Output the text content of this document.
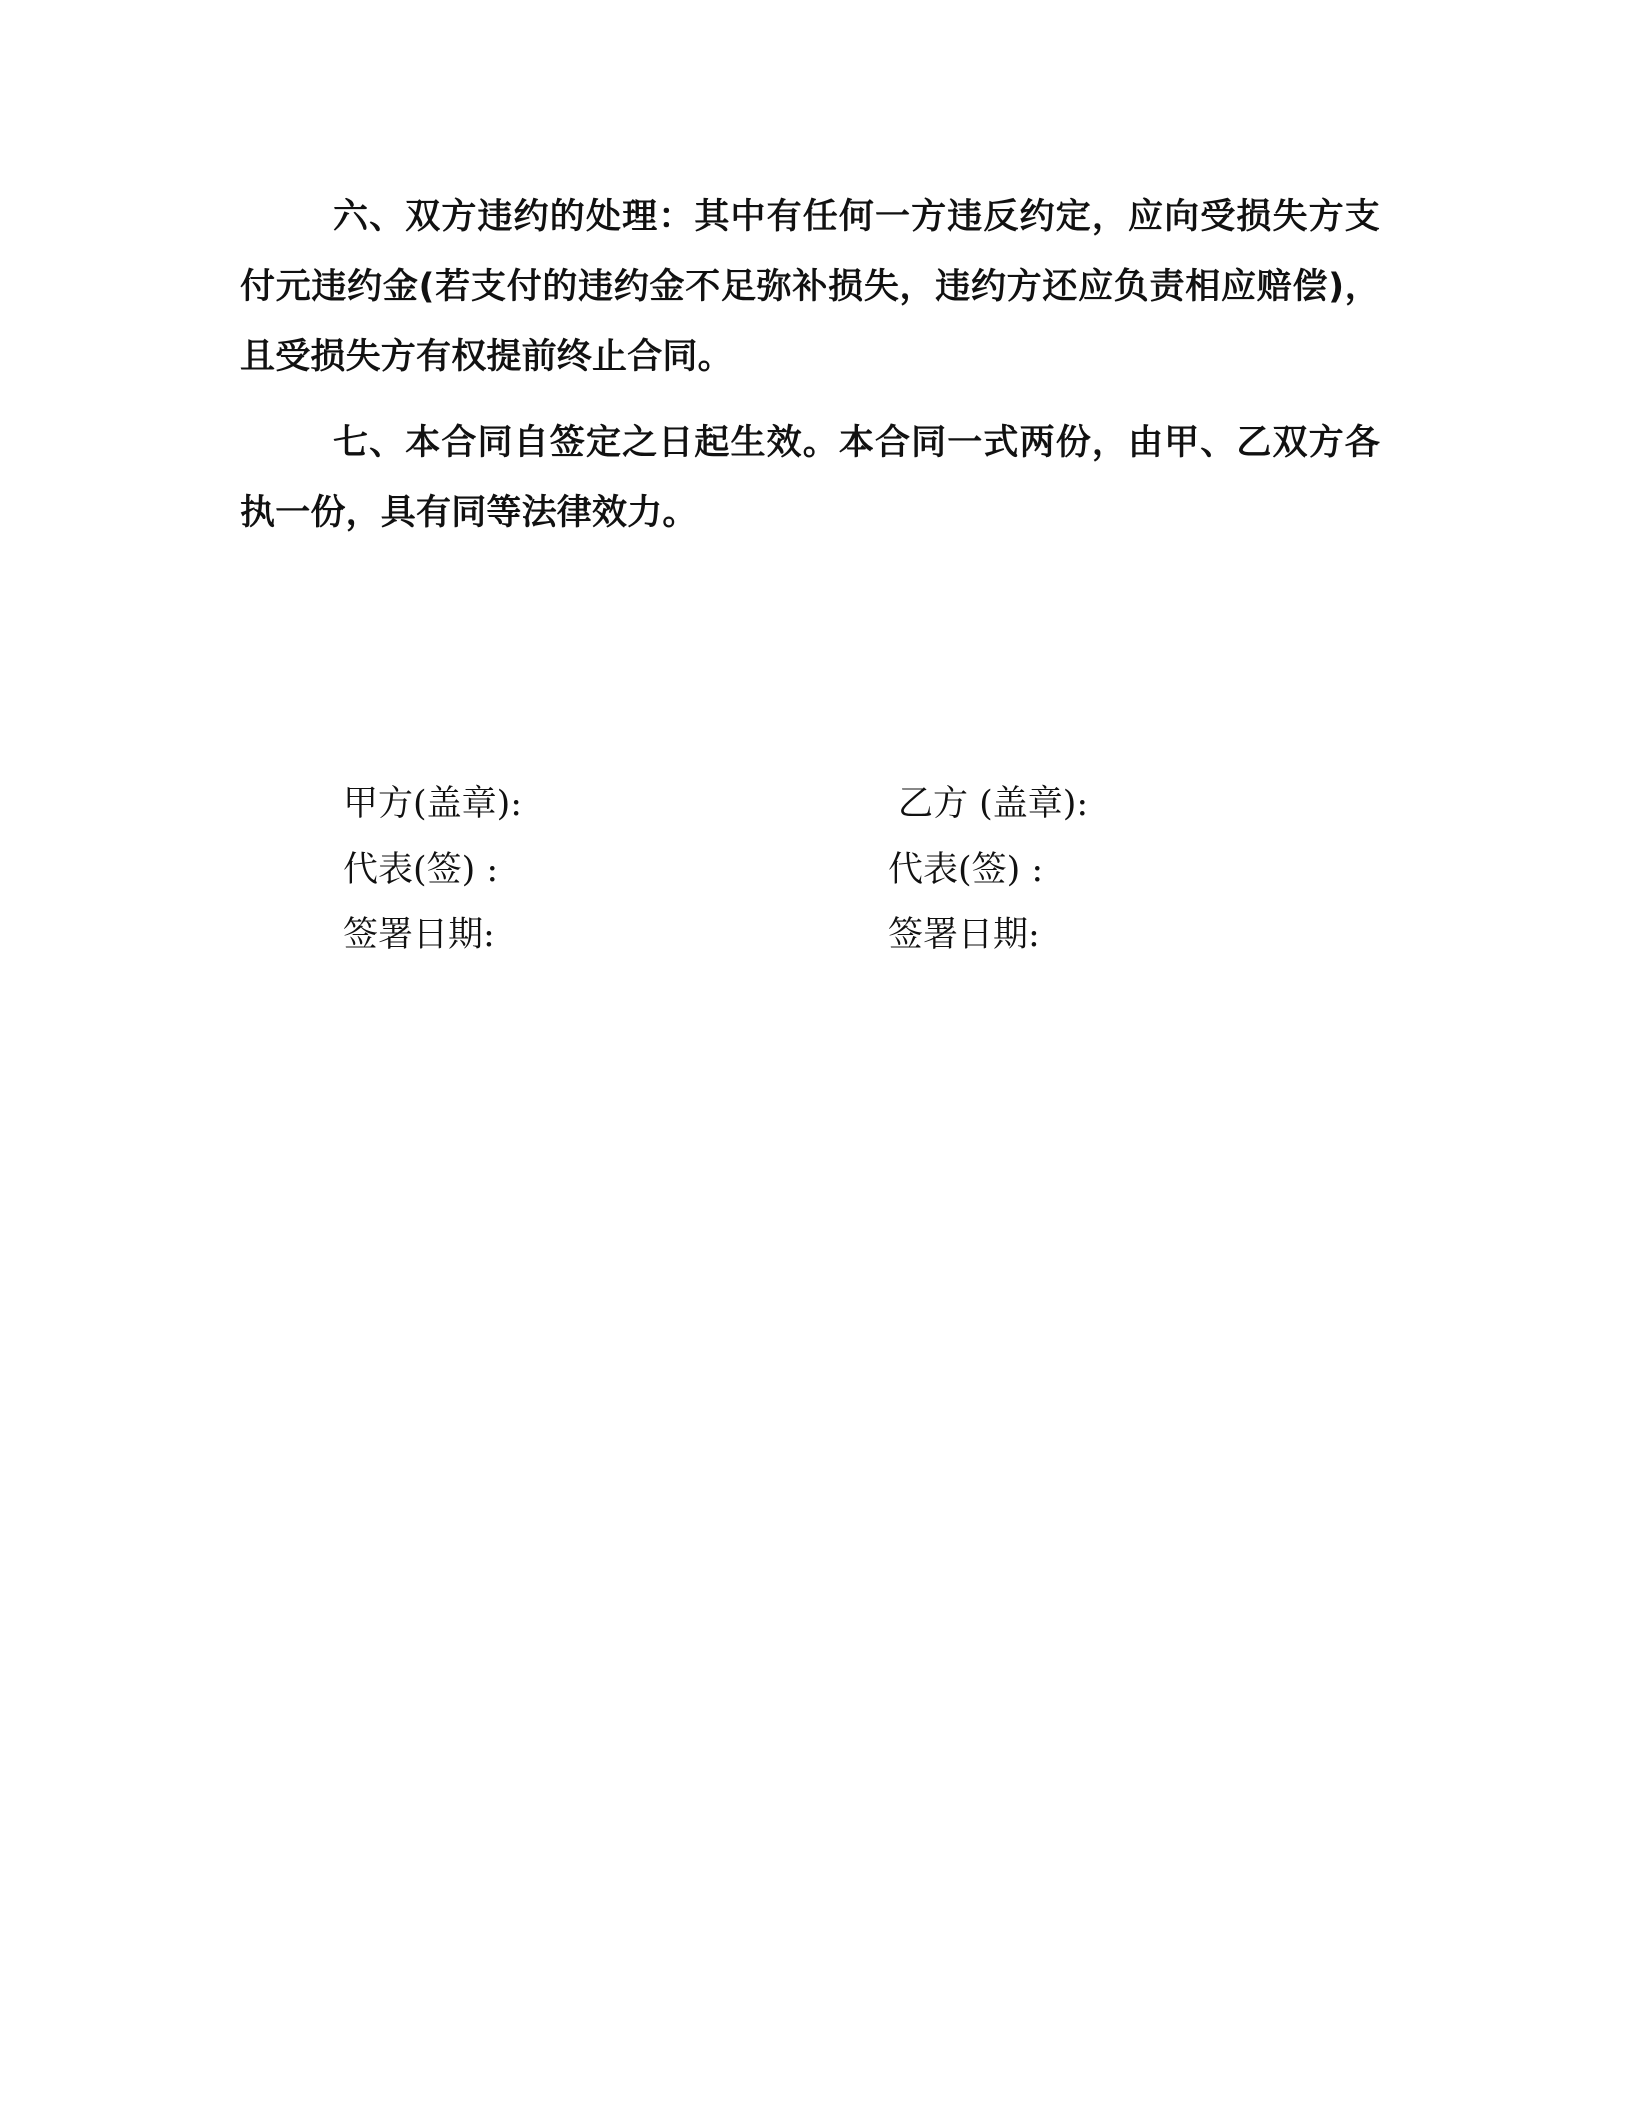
六、双方违约的处理：其中有任何一方违反约定，应向受损失方支付元违约金(若支付的违约金不足弥补损失，违约方还应负责相应赔偿)，且受损失方有权提前终止合同。

七、本合同自签定之日起生效。本合同一式两份，由甲、乙双方各执一份，具有同等法律效力。

甲方(盖章):
代表(签) :
签署日期:
乙方 (盖章):
代表(签) :
签署日期:
